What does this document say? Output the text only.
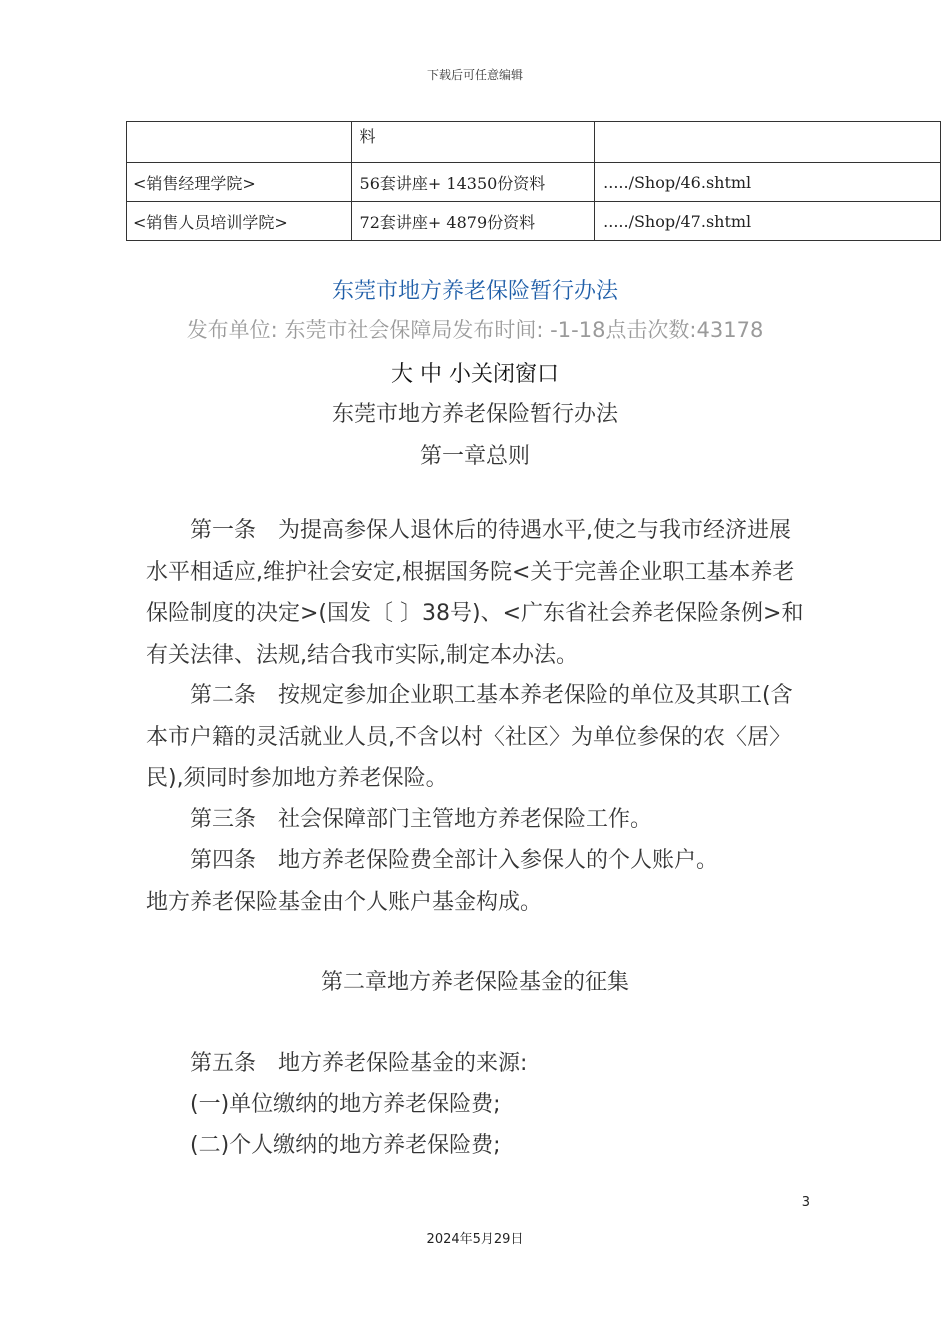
下载后可任意编辑
	料	
<销售经理学院>	56套讲座+ 14350份资料	...../Shop/46.shtml
<销售人员培训学院>	72套讲座+ 4879份资料	...../Shop/47.shtml
东莞市地方养老保险暂行办法
发布单位: 东莞市社会保障局发布时间: -1-18点击次数:43178
大 中 小关闭窗口
东莞市地方养老保险暂行办法
第一章总则

第一条　为提高参保人退休后的待遇水平,使之与我市经济进展水平相适应,维护社会安定,根据国务院<关于完善企业职工基本养老保险制度的决定>(国发〔 〕38号)、<广东省社会养老保险条例>和有关法律、法规,结合我市实际,制定本办法。

第二条　按规定参加企业职工基本养老保险的单位及其职工(含本市户籍的灵活就业人员,不含以村〈社区〉为单位参保的农〈居〉民),须同时参加地方养老保险。

第三条　社会保障部门主管地方养老保险工作。

第四条　地方养老保险费全部计入参保人的个人账户。

地方养老保险基金由个人账户基金构成。
第二章地方养老保险基金的征集
第五条　地方养老保险基金的来源:
(一)单位缴纳的地方养老保险费;
(二)个人缴纳的地方养老保险费;
3
2024年5月29日
